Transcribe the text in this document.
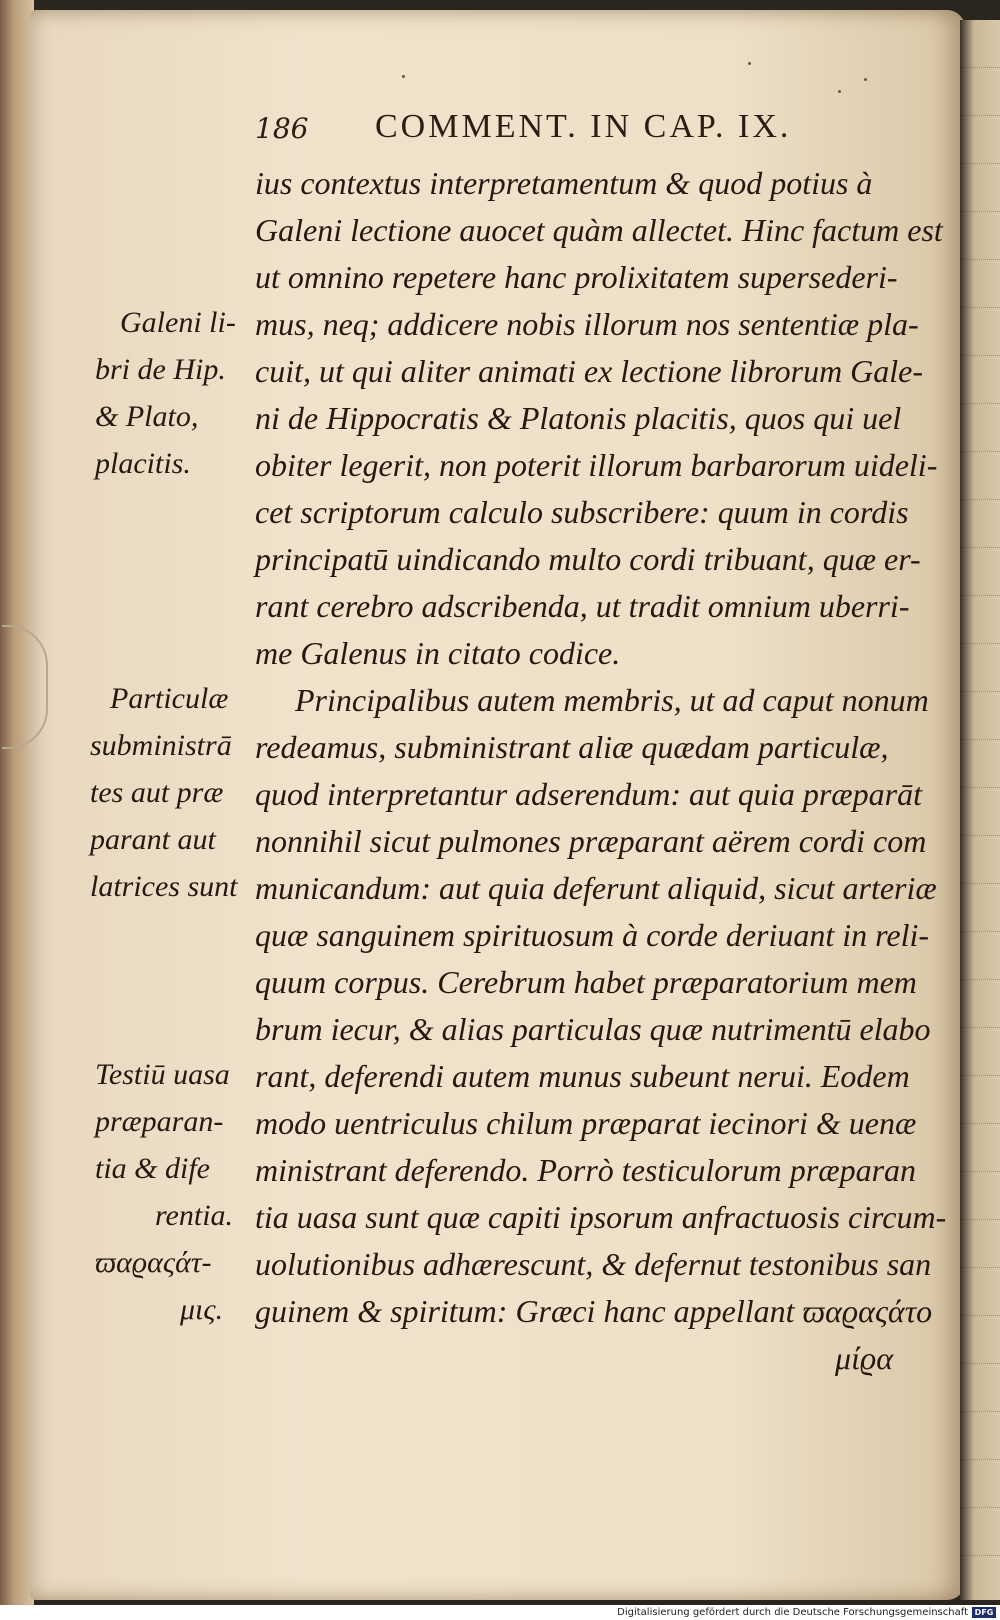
186 COMMENT. IN CAP. IX.
ius contextus interpretamentum & quod potius à
Galeni lectione auocet quàm allectet. Hinc factum est
ut omnino repetere hanc prolixitatem supersederi-
mus, neq; addicere nobis illorum nos sententiæ pla-
cuit, ut qui aliter animati ex lectione librorum Gale-
ni de Hippocratis & Platonis placitis, quos qui uel
obiter legerit, non poterit illorum barbarorum uideli-
cet scriptorum calculo subscribere: quum in cordis
principatū uindicando multo cordi tribuant, quæ er-
rant cerebro adscribenda, ut tradit omnium uberri-
me Galenus in citato codice.
Principalibus autem membris, ut ad caput nonum
redeamus, subministrant aliæ quædam particulæ,
quod interpretantur adserendum: aut quia præparāt
nonnihil sicut pulmones præparant aërem cordi com
municandum: aut quia deferunt aliquid, sicut arteriæ
quæ sanguinem spirituosum à corde deriuant in reli-
quum corpus. Cerebrum habet præparatorium mem
brum iecur, & alias particulas quæ nutrimentū elabo
rant, deferendi autem munus subeunt nerui. Eodem
modo uentriculus chilum præparat iecinori & uenæ
ministrant deferendo. Porrò testiculorum præparan
tia uasa sunt quæ capiti ipsorum anfractuosis circum-
uolutionibus adhærescunt, & defernut testonibus san
guinem & spiritum: Græci hanc appellant ϖαϱαςάτο
μίϱα
Galeni li-
bri de Hip.
& Plato,
placitis.
Particulæ
subministrā
tes aut præ
parant aut
latrices sunt
Testiū uasa
præparan-
tia & dife
rentia.
ϖαϱαςάτ-
μις.
Digitalisierung gefördert durch die Deutsche Forschungsgemeinschaft DFG
